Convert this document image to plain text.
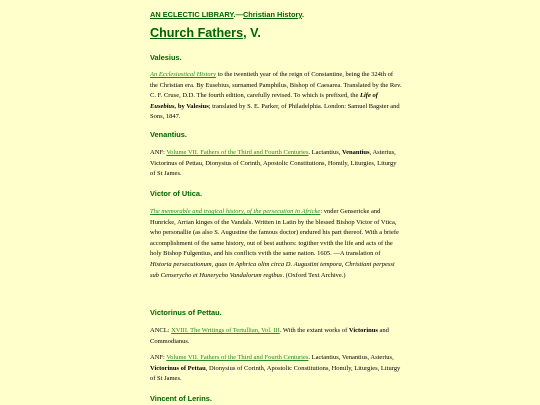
AN ECLECTIC LIBRARY.—Christian History.
Church Fathers, V.
Valesius.
An Ecclesiastical History to the twentieth year of the reign of Constantine, being the 324th of the Christian era. By Eusebius, surnamed Pamphilus, Bishop of Caesarea. Translated by the Rev. C. F. Cruse, D.D. The fourth edition, carefully revised. To which is prefixed, the Life of Eusebius, by Valesius; translated by S. E. Parker, of Philadelphia. London: Samuel Bagster and Sons, 1847.
Venantius.
ANF: Volume VII. Fathers of the Third and Fourth Centuries. Lactantius, Venantius, Asterius, Victorinus of Pettau, Dionysius of Corinth, Apostolic Constitutions, Homily, Liturgies, Liturgy of St James.
Victor of Utica.
The memorable and tragical history, of the persecution in Africke: vnder Gensericke and Hunricke, Arrian kinges of the Vandals. Written in Latin by the blessed Bishop Victor of Vtica, who personallie (as also S. Augustine the famous doctor) endured his part thereof. With a briefe accomplishment of the same history, out of best authors: togither vvith the life and acts of the holy Bishop Fulgentius, and his conflicts vvith the same nation. 1605. —A translation of Historia persecutionum, quas in Aphrica olim circa D. Augustini tempora, Christiani perpessi sub Censerycho et Hunerycho Vandalorum regibus. (Oxford Text Archive.)
Victorinus of Pettau.
ANCL: XVIII. The Writings of Tertullian, Vol. III. With the extant works of Victorinus and Commodianus.
ANF: Volume VII. Fathers of the Third and Fourth Centuries. Lactantius, Venantius, Asterius, Victorinus of Pettau, Dionysius of Corinth, Apostolic Constitutions, Homily, Liturgies, Liturgy of St James.
Vincent of Lerins.
